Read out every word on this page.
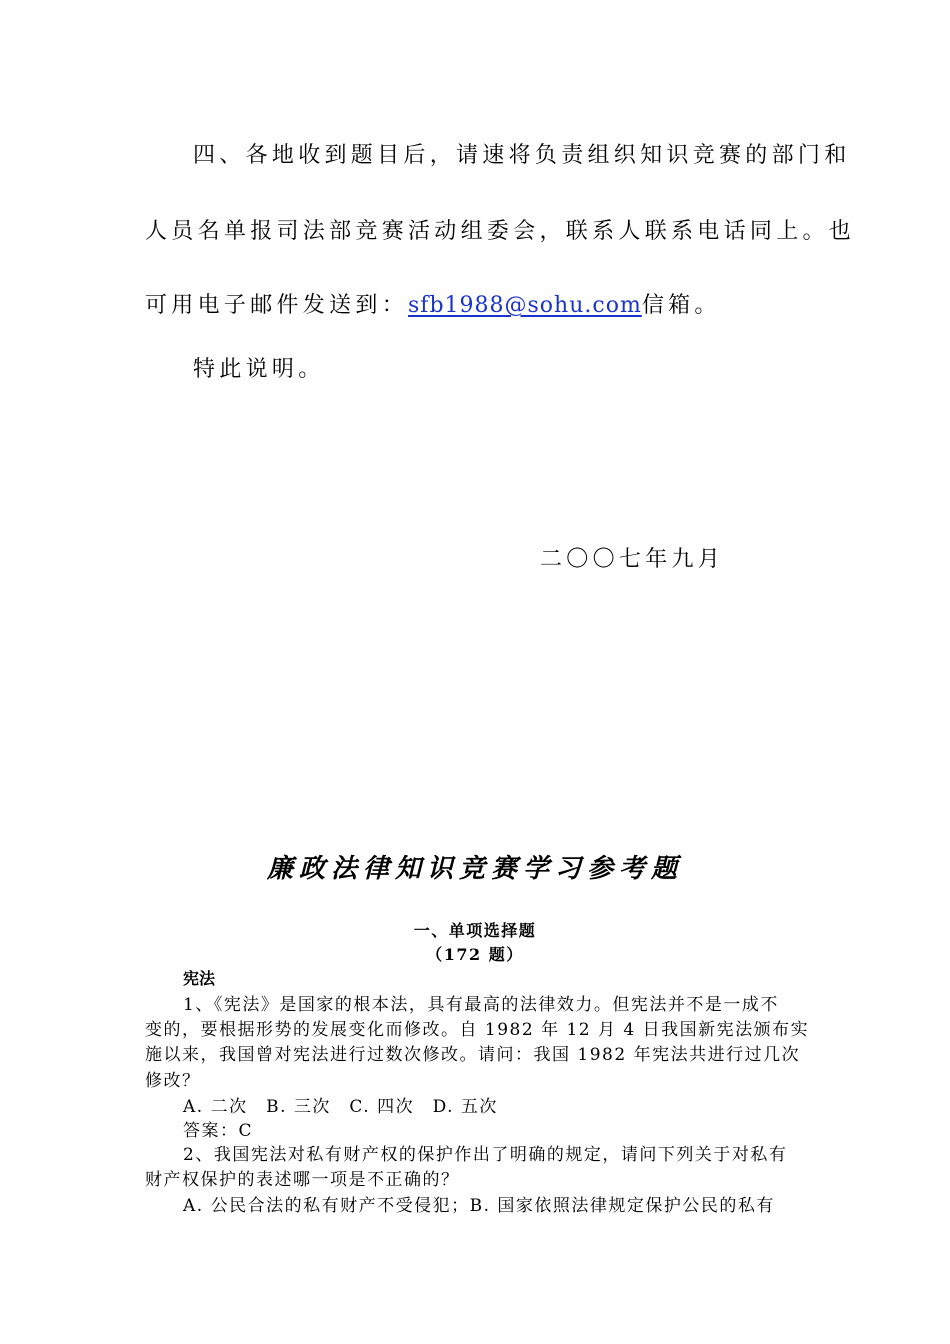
四、各地收到题目后，请速将负责组织知识竞赛的部门和
人员名单报司法部竞赛活动组委会，联系人联系电话同上。也
可用电子邮件发送到：sfb1988@sohu.com信箱。
特此说明。
二〇〇七年九月
廉政法律知识竞赛学习参考题
一、单项选择题
（172 题）
宪法
1、《宪法》是国家的根本法，具有最高的法律效力。但宪法并不是一成不
变的，要根据形势的发展变化而修改。自 1982 年 12 月 4 日我国新宪法颁布实
施以来，我国曾对宪法进行过数次修改。请问：我国 1982 年宪法共进行过几次
修改？
A. 二次　B. 三次　C. 四次　D. 五次
答案：C
2、我国宪法对私有财产权的保护作出了明确的规定，请问下列关于对私有
财产权保护的表述哪一项是不正确的？
A. 公民合法的私有财产不受侵犯；B. 国家依照法律规定保护公民的私有
